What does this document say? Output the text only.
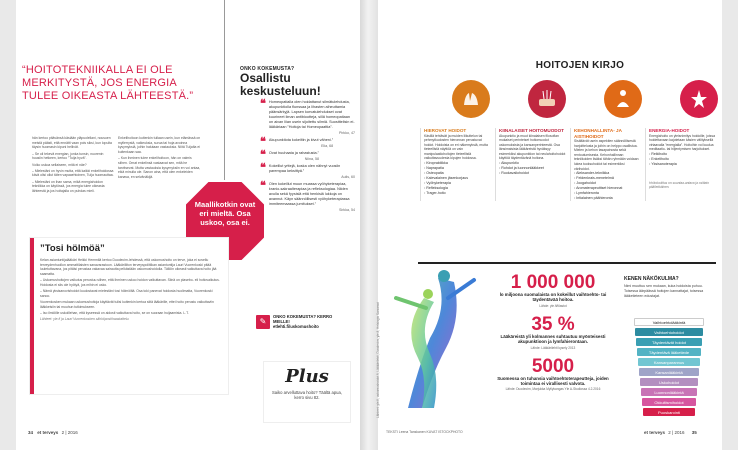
“HOITOTEKNIIKALLA EI OLE MERKITYSTÄ, JOS ENERGIA TULEE OIKEASTA LÄHTEESTÄ.”

hän kertoo pitävänsä käsiään yläpuolellani, nousuen meistä päästi, että ennätti vaan pois siksi, kun lopulta täysin huomasin kipuni hellivät.

– Se oli tekevä energian, jonka tunsin, nuorenin huusiin hetkeen, kertoo ”Tuija hyvä”.

Voiko uskoa sellaiseen, mitä ei näe?

– Mielestäni on hyvin mutta, että kaikki enkelihoidossa kävä olisi ollut täten vapaaehtoinen, Tuija huomauttaa.

– Mielestäni on ihan sama, mikä energiahoidon tekniikka on käytössä, jos energia tulee oikeasta lähteestä ja jos hoitajalla on puhdas mieli.

Enkelihoitoon kuitenkin tullaan usein, kun elämässä on myllerrystä, vaikeuksia, surua tai hoja avoinna kysymyksiä, joihin halutaan vastauksia. Niitä Tuijalta ei kuitenkaan saa.

– Kun ihminen tulee enkelihoitoon, hän on valmis siihen. Omat enkelinsä vastaavat sen, mitä he tarvitsevat. Mutta vastauksia kysymyksiin en voi antaa, eikä minulla ole. Sanon aina, että olen enkeleiden kanava, en selvänäkijä.

Maallikotkin ovat eri mieltä. Osa uskoo, osa ei.
ONKO KOKEMUSTA?
Osallistu keskusteluun!
❝ Homeopatialla olen hoidattanut silmätulehdusta, akupunktiolla flunssaa ja lihasten aiheuttamia päänsärkyjä. Lapsen korvatulehdukset ovat kuurineet ilman antibiootteja, sillä homeopatiaan on aivan liian usein sijoitettu silmiä. Suosittelisin ei-lääkäriaan ”Hoitoja tai Homeopaattia”.
Pirkko, 47
❝ Akupunktiota kokeiltin ja kivut väheni.”
Elia, 68
❝ Ovat huuhaata ja rahastusta.”
Niina, 58
❝ Kokeillut yrttejä, koska olen nähnyt vuosiin parempaa keksittyä.”
Aulis, 60
❝ Olen kokeillut muun muassa vyöhyketerapiaa, kranio-sakraalterapiaa ja refleksologiaa. Niiden avulla sekä fyysisiä että henkisiä lukkoja on avannut. Käyn säännöllisesti vyöhyketerapiassa immiteemaassa jumitukset.”
Sirkka, 54
✎
ONKO KOKEMUSTA? KERRO MEILLE! etlehti.fi/uskomushoito
”Tosi hölmöä”

Kelan asiantuntijalääkäri Heikki Hemmilä kertoo Duodecim-lehdessä, että uskomushoito on terve, joka ei sovellu terveydenhuollon ammattilaisten sanavarastoon. Lääkäriliiton terveyspolitiikan asiantuntija Lauri Vuorenkoski pitää luuletuttavana, jos pitäisi perustaa vakavaa sairautta pelkästään uskomushoidolla. Tällöin oikeasti vaikuttava hoito jää saamatta.

– Uskomushoitojen vaikutus perustuu siihen, että ihminen uskoo hoidon vaikuttavan. Siinä on plasebo- eli hoitovaikutus. Hoidosta ei siis ole hyötyä, jos mihin ei usko.

– Nämä yksisanovishoidot kuulostavat mielestäni tosi hölmöiltä. Osa toki panevat hoidosta huolimatta, Vuorenkoski sanoo.

Vuorenkosken mukaan uskomushoitoja käyttävät tulisi kuitenkin kertoa siitä lääkärille, ettei hoito perustu vaikuttaviin lääkkeisiin tai muuhun tutkimukseen.

– Iso ilmiöille uskoillehan, että kyseessä on aidosti vaikuttava hoito, se on suoraan huijaamista. L.T.

Lähteet: yle.fi ja Lauri Vuorenkosken sähköpostihaastattelu.

Plus
Saiko arvelluttava hoito? Täältä apua, kerro sivu 82.
34 et terveys 2 | 2016
HOITOJEN KIRJO
HIEROVAT HOIDOT
Käsillä tehtävät ja muiden liikuttelun tai pehmytkudosten hieronnan perustuvat hoidot. Hoidoista on eri näkemyksiä, mutta tieteellistä näyttöä on vain manipulaatiohoitojen tieteellistä vaikuttavuudesta kipujen hoidossa.
• Kiropraktiikka
• Naprapatia
• Osteopatia
• Kalevalainen jäsenkorjaus
• Vyöhyketerapia
• Refleksologia
• Trager-hoito
KIINALAISET HOITOMUODOT
Akupunktio ja muut kiinalaisen filosofian mukaiset perinteiset hoitomuodot uskomuksista ja kansanperinteestä. Osa länsimaisista lääkäreistä hyväksyy esimerkiksi akupunktion tai neulahoitohoidot käyttöä täydentävänä hoitona.
• Akupunktio
• Rohdot ja luonnonlääkkeet
• Ruokavaliohoidot
KEHONHALLINTA- JA AISTIHOIDOT
Sisältävät usein aspektien säännöllisestä harjoittelusta ja joihin on helppo osallistua. Mielen ja kehon tasapainosta sekä rentoutumisesta. Kehonhallinnan tekniikoiden lisäksi tähän ryhmään voidaan lukea tuoksuhoidot tai esimerkiksi värihoidot.
• Aleksander-tekniikka
• Feldenkrais-menetelmä
• Joogahoidot
• Aromaterapeuttiset hieronnat
• Lymfahieronta
• Intialainen päähieronta
ENERGIA-HOIDOT
Energiahoito on yleisnimitys hoidoille, joissa hoidettavaan kajotetaan käsien välityksellä virtaavalla ”energialla”. Hoitoihin voi kuulua meditaatio- tai hiljentymisen harjoitukset.
• Reikihoito
• Enkelihoito
• Yksisanoterapia
Hoitoluokitus on suuntaa-antava ja osittain päällekkäinen.
Lähteet: yle.fi, uskomushoidot.fi, Lääkärilehti, Duodecim, yle.fi, Helsingin Sanomat
1 000 000
lo miljoona suomalaista on kokeillut vaihtoehto- tai täydentävää hoitoa.
Lähde: yle.fi/tilastot
35 %
Lääkäreistä yli kolmannes suhtautuu myönteisesti akupunktioon ja lymfahierontaan.
Lähde: Lääkärilehti kysely 2013
5000
Suomessa on tuhansia vaihtoehtoterapeutteja, joiden toimintaa ei virallisesti valvota.
Lähde: Duodecim, Marjukka Myllykangas Yle A-Studiossa 4.2.2016
KENEN NÄKÖKULMA?
Nimi muuttuu sen mukaan, kuka hoidoista puhuu. Toisessa äärpäässä hoitojen kannattajat, toisessa lääketieteen edustajat.
Vaihtoehtolääkintä
Vaihtoehtohoidot
Täydentävät hoidot
Täydentävä lääketiede
Kansanparannus
Kansanlääkintä
Uskohoidot
Luonnonlääkintä
Okkultismihoidot
Puoskarointi
TEKSTI Leena Tanskanen KUVAT ISTOCKPHOTO	et terveys 2 | 2016 35
